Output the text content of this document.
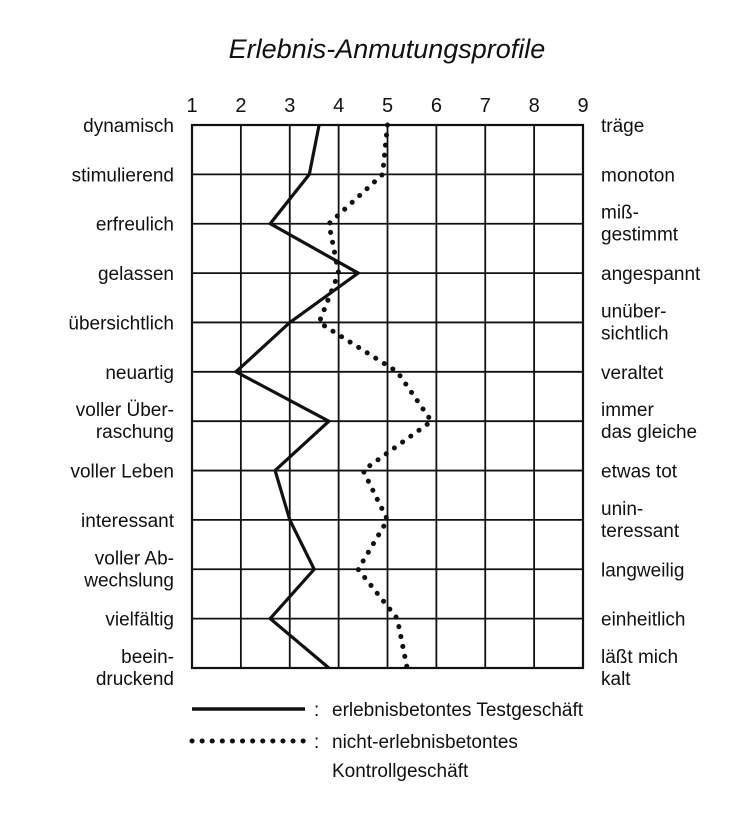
Erlebnis-Anmutungsprofile
1 2 3 4 5 6 7 8 9
dynamisch
stimulierend
erfreulich
gelassen
übersichtlich
neuartig
voller Über-
raschung
voller Leben
interessant
voller Ab-
wechslung
vielfältig
beein-
druckend
träge
monoton
miß-
gestimmt
angespannt
unüber-
sichtlich
veraltet
immer
das gleiche
etwas tot
unin-
teressant
langweilig
einheitlich
läßt mich
kalt
: erlebnisbetontes Testgeschäft
: nicht-erlebnisbetontes
Kontrollgeschäft
